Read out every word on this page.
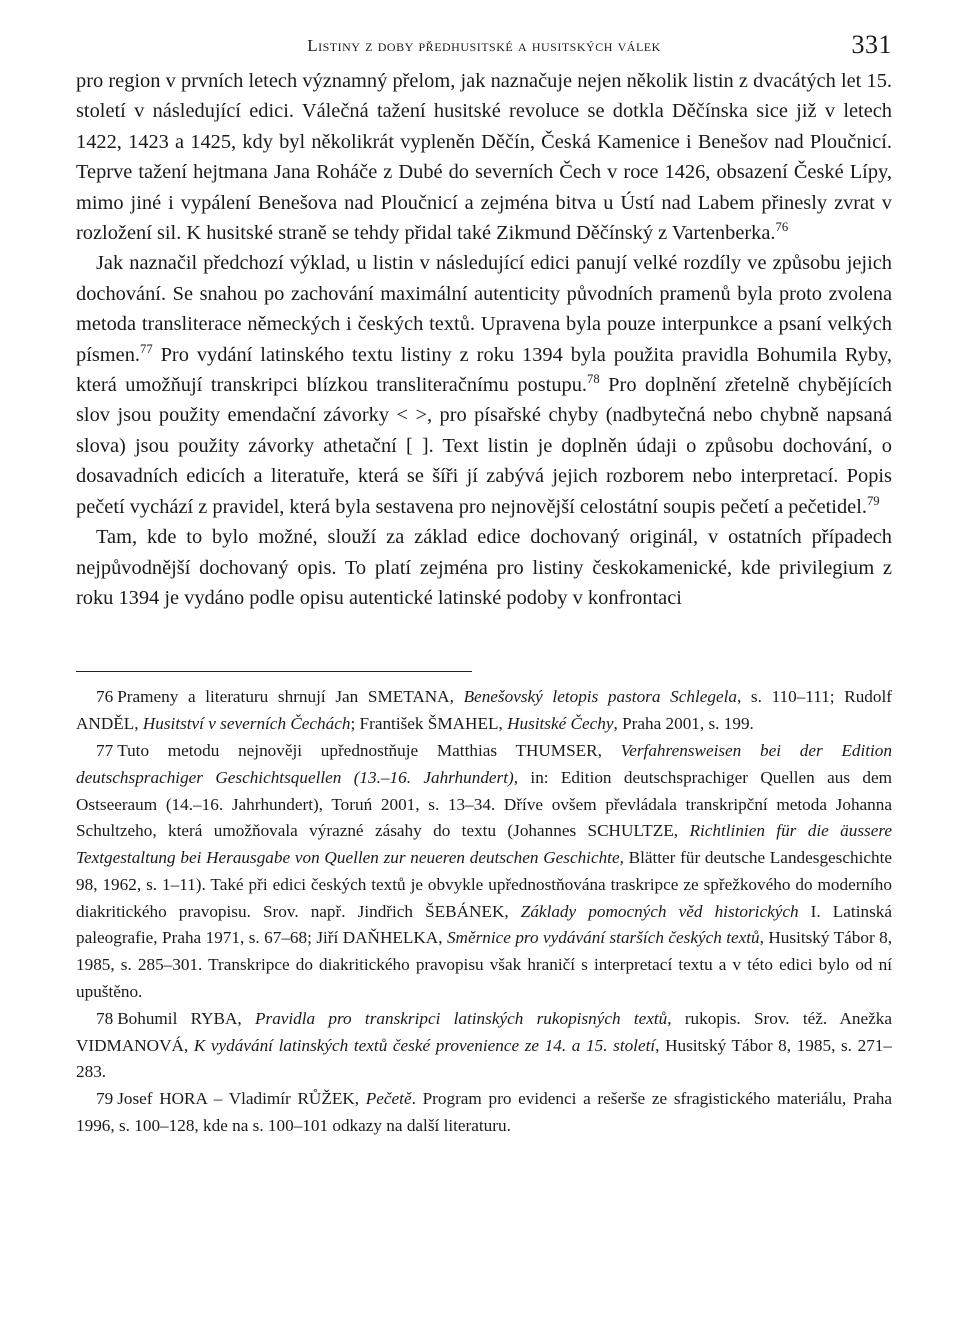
Listiny z doby předhusitské a husitských válek	331

pro region v prvních letech významný přelom, jak naznačuje nejen několik listin z dvacátých let 15. století v následující edici. Válečná tažení husitské revoluce se dotkla Děčínska sice již v letech 1422, 1423 a 1425, kdy byl několikrát vypleněn Děčín, Česká Kamenice i Benešov nad Ploučnicí. Teprve tažení hejtmana Jana Roháče z Dubé do severních Čech v roce 1426, obsazení České Lípy, mimo jiné i vypálení Benešova nad Ploučnicí a zejména bitva u Ústí nad Labem přinesly zvrat v rozložení sil. K husitské straně se tehdy přidal také Zikmund Děčínský z Vartenberka.$^{76}$

Jak naznačil předchozí výklad, u listin v následující edici panují velké rozdíly ve způsobu jejich dochování. Se snahou po zachování maximální autenticity původních pramenů byla proto zvolena metoda transliterace německých i českých textů. Upravena byla pouze interpunkce a psaní velkých písmen.$^{77}$ Pro vydání latinského textu listiny z roku 1394 byla použita pravidla Bohumila Ryby, která umožňují transkripci blízkou transliteračnímu postupu.$^{78}$ Pro doplnění zřetelně chybějících slov jsou použity emendační závorky < >, pro písařské chyby (nadbytečná nebo chybně napsaná slova) jsou použity závorky athetační [ ]. Text listin je doplněn údaji o způsobu dochování, o dosavadních edicích a literatuře, která se šíři jí zabývá jejich rozborem nebo interpretací. Popis pečetí vychází z pravidel, která byla sestavena pro nejnovější celostátní soupis pečetí a pečetidel.$^{79}$

Tam, kde to bylo možné, slouží za základ edice dochovaný originál, v ostatních případech nejpůvodnější dochovaný opis. To platí zejména pro listiny českokamenické, kde privilegium z roku 1394 je vydáno podle opisu autentické latinské podoby v konfrontaci

76 Prameny a literaturu shrnují Jan SMETANA, Benešovský letopis pastora Schlegela, s. 110–111; Rudolf ANDĚL, Husitství v severních Čechách; František ŠMAHEL, Husitské Čechy, Praha 2001, s. 199.

77 Tuto metodu nejnověji upřednostňuje Matthias THUMSER, Verfahrensweisen bei der Edition deutschsprachiger Geschichtsquellen (13.–16. Jahrhundert), in: Edition deutschsprachiger Quellen aus dem Ostseeraum (14.–16. Jahrhundert), Toruń 2001, s. 13–34. Dříve ovšem převládala transkripční metoda Johanna Schultzeho, která umožňovala výrazné zásahy do textu (Johannes SCHULTZE, Richtlinien für die äussere Textgestaltung bei Herausgabe von Quellen zur neueren deutschen Geschichte, Blätter für deutsche Landesgeschichte 98, 1962, s. 1–11). Také při edici českých textů je obvykle upřednostňována traskripce ze spřežkového do moderního diakritického pravopisu. Srov. např. Jindřich ŠEBÁNEK, Základy pomocných věd historických I. Latinská paleografie, Praha 1971, s. 67–68; Jiří DAŇHELKA, Směrnice pro vydávání starších českých textů, Husitský Tábor 8, 1985, s. 285–301. Transkripce do diakritického pravopisu však hraničí s interpretací textu a v této edici bylo od ní upuštěno.

78 Bohumil RYBA, Pravidla pro transkripci latinských rukopisných textů, rukopis. Srov. též. Anežka VIDMANOVÁ, K vydávání latinských textů české provenience ze 14. a 15. století, Husitský Tábor 8, 1985, s. 271–283.

79 Josef HORA – Vladimír RŮŽEK, Pečetě. Program pro evidenci a rešerše ze sfragistického materiálu, Praha 1996, s. 100–128, kde na s. 100–101 odkazy na další literaturu.
